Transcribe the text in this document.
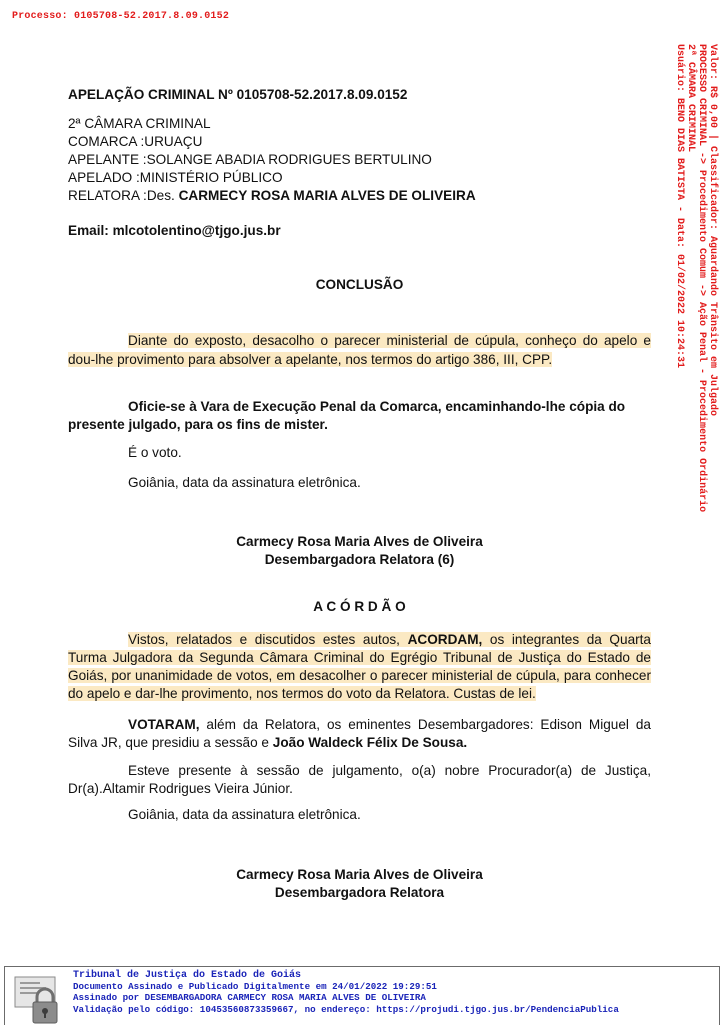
Processo: 0105708-52.2017.8.09.0152
Valor: R$ 0,00 | Classificador: Aguardando Trânsito em Julgado
PROCESSO CRIMINAL -> Procedimento Comum -> Ação Penal - Procedimento Ordinário
2ª CÂMARA CRIMINAL
Usuário: BENO DIAS BATISTA - Data: 01/02/2022 10:24:31

APELAÇÃO CRIMINAL Nº 0105708-52.2017.8.09.0152

2ª CÂMARA CRIMINAL

COMARCA :URUAÇU

APELANTE :SOLANGE ABADIA RODRIGUES BERTULINO

APELADO :MINISTÉRIO PÚBLICO

RELATORA :Des. CARMECY ROSA MARIA ALVES DE OLIVEIRA

Email: mlcotolentino@tjgo.jus.br
CONCLUSÃO

Diante do exposto, desacolho o parecer ministerial de cúpula, conheço do apelo e dou-lhe provimento para absolver a apelante, nos termos do artigo 386, III, CPP.

Oficie-se à Vara de Execução Penal da Comarca, encaminhando-lhe cópia do presente julgado, para os fins de mister.

É o voto.

Goiânia, data da assinatura eletrônica.

Carmecy Rosa Maria Alves de Oliveira

Desembargadora Relatora (6)

A C Ó R D Ã O

Vistos, relatados e discutidos estes autos, ACORDAM, os integrantes da Quarta Turma Julgadora da Segunda Câmara Criminal do Egrégio Tribunal de Justiça do Estado de Goiás, por unanimidade de votos, em desacolher o parecer ministerial de cúpula, para conhecer do apelo e dar-lhe provimento, nos termos do voto da Relatora. Custas de lei.

VOTARAM, além da Relatora, os eminentes Desembargadores: Edison Miguel da Silva JR, que presidiu a sessão e João Waldeck Félix De Sousa.

Esteve presente à sessão de julgamento, o(a) nobre Procurador(a) de Justiça, Dr(a).Altamir Rodrigues Vieira Júnior.

Goiânia, data da assinatura eletrônica.

Carmecy Rosa Maria Alves de Oliveira

Desembargadora Relatora

Tribunal de Justiça do Estado de Goiás
Documento Assinado e Publicado Digitalmente em 24/01/2022 19:29:51
Assinado por DESEMBARGADORA CARMECY ROSA MARIA ALVES DE OLIVEIRA
Validação pelo código: 10453560873359667, no endereço: https://projudi.tjgo.jus.br/PendenciaPublica
